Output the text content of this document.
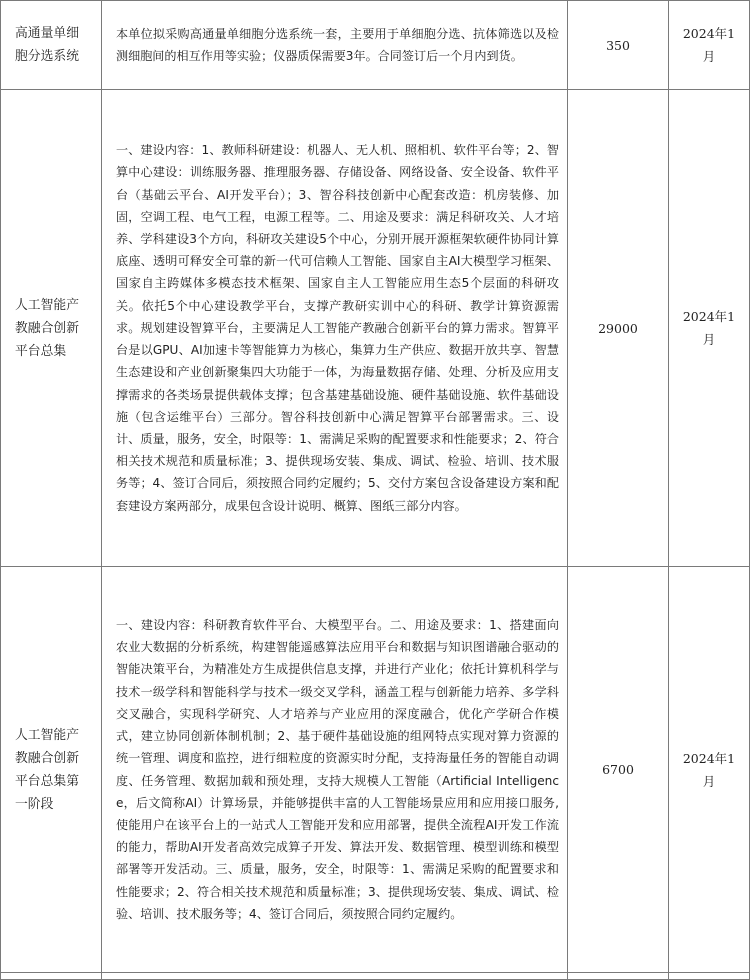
高通量单细胞分选系统	本单位拟采购高通量单细胞分选系统一套，主要用于单细胞分选、抗体筛选以及检测细胞间的相互作用等实验；仪器质保需要3年。合同签订后一个月内到货。	350	2024年1月
人工智能产教融合创新平台总集	一、建设内容：1、教师科研建设：机器人、无人机、照相机、软件平台等；2、智算中心建设：训练服务器、推理服务器、存储设备、网络设备、安全设备、软件平台（基础云平台、AI开发平台）；3、智谷科技创新中心配套改造：机房装修、加固，空调工程、电气工程，电源工程等。二、用途及要求：满足科研攻关、人才培养、学科建设3个方向，科研攻关建设5个中心，分别开展开源框架软硬件协同计算底座、透明可释安全可靠的新一代可信赖人工智能、国家自主AI大模型学习框架、国家自主跨媒体多模态技术框架、国家自主人工智能应用生态5个层面的科研攻关。依托5个中心建设教学平台，支撑产教研实训中心的科研、教学计算资源需求。规划建设智算平台，主要满足人工智能产教融合创新平台的算力需求。智算平台是以GPU、AI加速卡等智能算力为核心，集算力生产供应、数据开放共享、智慧生态建设和产业创新聚集四大功能于一体，为海量数据存储、处理、分析及应用支撑需求的各类场景提供载体支撑；包含基建基础设施、硬件基础设施、软件基础设施（包含运维平台）三部分。智谷科技创新中心满足智算平台部署需求。三、设计、质量，服务，安全，时限等：1、需满足采购的配置要求和性能要求；2、符合相关技术规范和质量标准；3、提供现场安装、集成、调试、检验、培训、技术服务等；4、签订合同后，须按照合同约定履约；5、交付方案包含设备建设方案和配套建设方案两部分，成果包含设计说明、概算、图纸三部分内容。	29000	2024年1月
人工智能产教融合创新平台总集第一阶段	一、建设内容：科研教育软件平台、大模型平台。二、用途及要求：1、搭建面向农业大数据的分析系统，构建智能遥感算法应用平台和数据与知识图谱融合驱动的智能决策平台，为精准处方生成提供信息支撑，并进行产业化；依托计算机科学与技术一级学科和智能科学与技术一级交叉学科，涵盖工程与创新能力培养、多学科交叉融合，实现科学研究、人才培养与产业应用的深度融合，优化产学研合作模式，建立协同创新体制机制；2、基于硬件基础设施的组网特点实现对算力资源的统一管理、调度和监控，进行细粒度的资源实时分配，支持海量任务的智能自动调度、任务管理、数据加载和预处理，支持大规模人工智能（Artificial Intelligence，后文简称AI）计算场景，并能够提供丰富的人工智能场景应用和应用接口服务,使能用户在该平台上的一站式人工智能开发和应用部署，提供全流程AI开发工作流的能力，帮助AI开发者高效完成算子开发、算法开发、数据管理、模型训练和模型部署等开发活动。三、质量，服务，安全，时限等：1、需满足采购的配置要求和性能要求；2、符合相关技术规范和质量标准；3、提供现场安装、集成、调试、检验、培训、技术服务等；4、签订合同后，须按照合同约定履约。	6700	2024年1月
